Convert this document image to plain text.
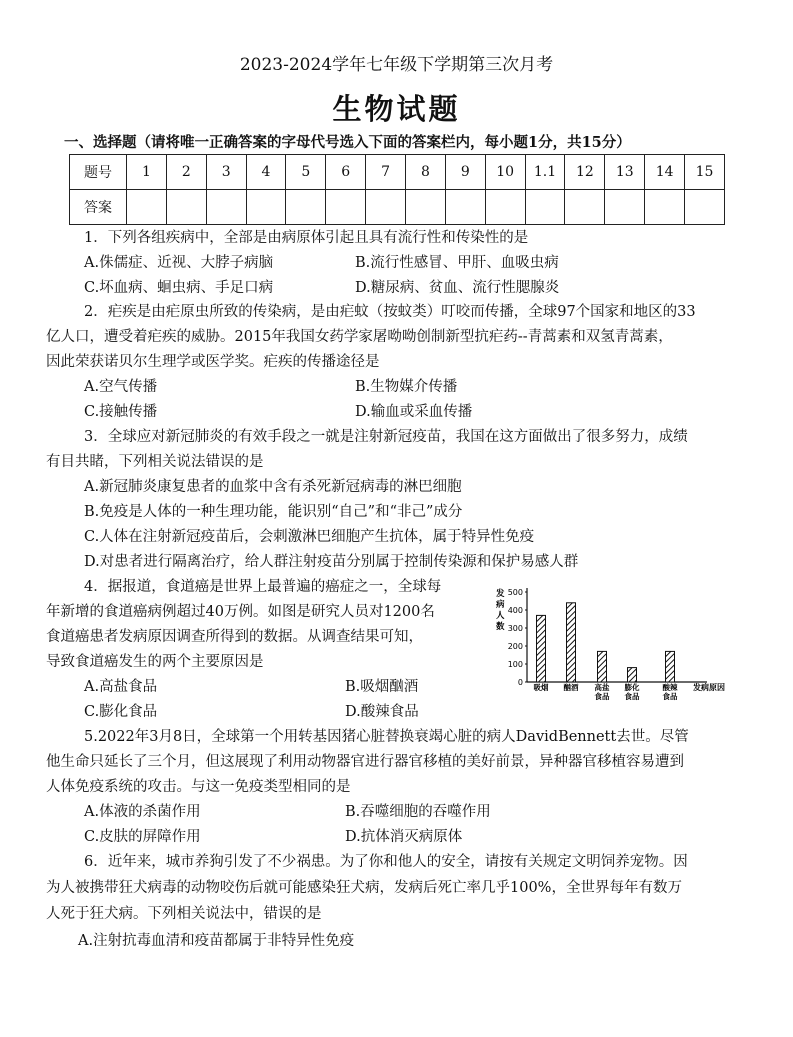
2023-2024学年七年级下学期第三次月考
生物试题
一、选择题（请将唯一正确答案的字母代号选入下面的答案栏内，每小题1分，共15分）
题号	1	2	3	4	5	6	7	8	9	10	1.1	12	13	14	15
答案															
1．下列各组疾病中，全部是由病原体引起且具有流行性和传染性的是
A.侏儒症、近视、大脖子病脑	B.流行性感冒、甲肝、血吸虫病
C.坏血病、蛔虫病、手足口病	D.糖尿病、贫血、流行性腮腺炎
2．疟疾是由疟原虫所致的传染病，是由疟蚊（按蚊类）叮咬而传播，全球97个国家和地区的33
亿人口，遭受着疟疾的威胁。2015年我国女药学家屠呦呦创制新型抗疟药--青蒿素和双氢青蒿素，
因此荣获诺贝尔生理学或医学奖。疟疾的传播途径是
A.空气传播	B.生物媒介传播
C.接触传播	D.输血或采血传播
3．全球应对新冠肺炎的有效手段之一就是注射新冠疫苗，我国在这方面做出了很多努力，成绩
有目共睹，下列相关说法错误的是
A.新冠肺炎康复患者的血浆中含有杀死新冠病毒的淋巴细胞
B.免疫是人体的一种生理功能，能识别“自己”和“非己”成分
C.人体在注射新冠疫苗后，会刺激淋巴细胞产生抗体，属于特异性免疫
D.对患者进行隔离治疗，给人群注射疫苗分别属于控制传染源和保护易感人群
4．据报道，食道癌是世界上最普遍的癌症之一，全球每
年新增的食道癌病例超过40万例。如图是研究人员对1200名
食道癌患者发病原因调查所得到的数据。从调查结果可知，
导致食道癌发生的两个主要原因是
A.高盐食品	B.吸烟酗酒
C.膨化食品	D.酸辣食品
发
病
人
数
0
100
200
300
400
500
吸烟 酗酒 高盐
食品
膨化
食品
酸辣
食品
发病原因
5.2022年3月8日，全球第一个用转基因猪心脏替换衰竭心脏的病人DavidBennett去世。尽管
他生命只延长了三个月，但这展现了利用动物器官进行器官移植的美好前景，异种器官移植容易遭到
人体免疫系统的攻击。与这一免疫类型相同的是
A.体液的杀菌作用	B.吞噬细胞的吞噬作用
C.皮肤的屏障作用	D.抗体消灭病原体
6．近年来，城市养狗引发了不少祸患。为了你和他人的安全，请按有关规定文明饲养宠物。因
为人被携带狂犬病毒的动物咬伤后就可能感染狂犬病，发病后死亡率几乎100%，全世界每年有数万
人死于狂犬病。下列相关说法中，错误的是
A.注射抗毒血清和疫苗都属于非特异性免疫
